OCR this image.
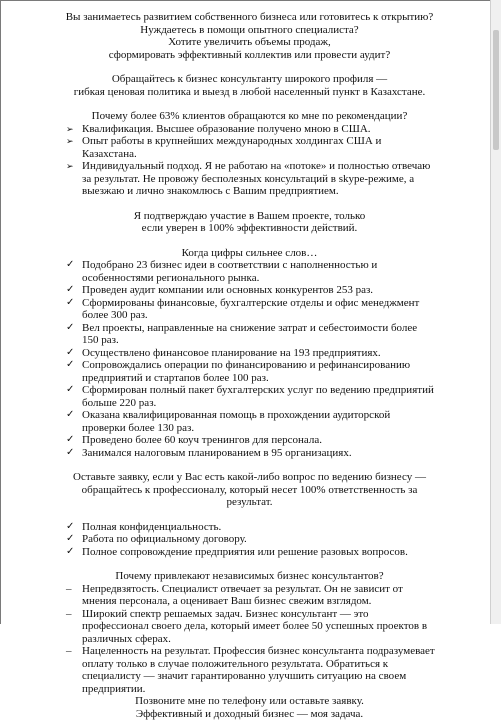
Вы занимаетесь развитием собственного бизнеса или готовитесь к открытию?
Нуждаетесь в помощи опытного специалиста?
Хотите увеличить объемы продаж,
сформировать эффективный коллектив или провести аудит?
Обращайтесь к бизнес консультанту широкого профиля —
гибкая ценовая политика и выезд в любой населенный пункт в Казахстане.
Почему более 63% клиентов обращаются ко мне по рекомендации?
➢ Квалификация. Высшее образование получено мною в США.
➢ Опыт работы в крупнейших международных холдингах США и Казахстана.
➢ Индивидуальный подход. Я не работаю на «потоке» и полностью отвечаю за результат. Не провожу бесполезных консультаций в skype-режиме, а выезжаю и лично знакомлюсь с Вашим предприятием.
Я подтверждаю участие в Вашем проекте, только
если уверен в 100% эффективности действий.
Когда цифры сильнее слов…
✓ Подобрано 23 бизнес идеи в соответствии с наполненностью и особенностями регионального рынка.
✓ Проведен аудит компании или основных конкурентов 253 раз.
✓ Сформированы финансовые, бухгалтерские отделы и офис менеджмент более 300 раз.
✓ Вел проекты, направленные на снижение затрат и себестоимости более 150 раз.
✓ Осуществлено финансовое планирование на 193 предприятиях.
✓ Сопровождались операции по финансированию и рефинансированию предприятий и стартапов более 100 раз.
✓ Сформирован полный пакет бухгалтерских услуг по ведению предприятий больше 220 раз.
✓ Оказана квалифицированная помощь в прохождении аудиторской проверки более 130 раз.
✓ Проведено более 60 коуч тренингов для персонала.
✓ Занимался налоговым планированием в 95 организациях.
Оставьте заявку, если у Вас есть какой-либо вопрос по ведению бизнесу —
обращайтесь к профессионалу, который несет 100% ответственность за результат.
✓ Полная конфиденциальность.
✓ Работа по официальному договору.
✓ Полное сопровождение предприятия или решение разовых вопросов.
Почему привлекают независимых бизнес консультантов?
– Непредвзятость. Специалист отвечает за результат. Он не зависит от мнения персонала, а оценивает Ваш бизнес свежим взглядом.
– Широкий спектр решаемых задач. Бизнес консультант — это профессионал своего дела, который имеет более 50 успешных проектов в различных сферах.
– Нацеленность на результат. Профессия бизнес консультанта подразумевает оплату только в случае положительного результата. Обратиться к специалисту — значит гарантированно улучшить ситуацию на своем предприятии.
Позвоните мне по телефону или оставьте заявку.
Эффективный и доходный бизнес — моя задача.
